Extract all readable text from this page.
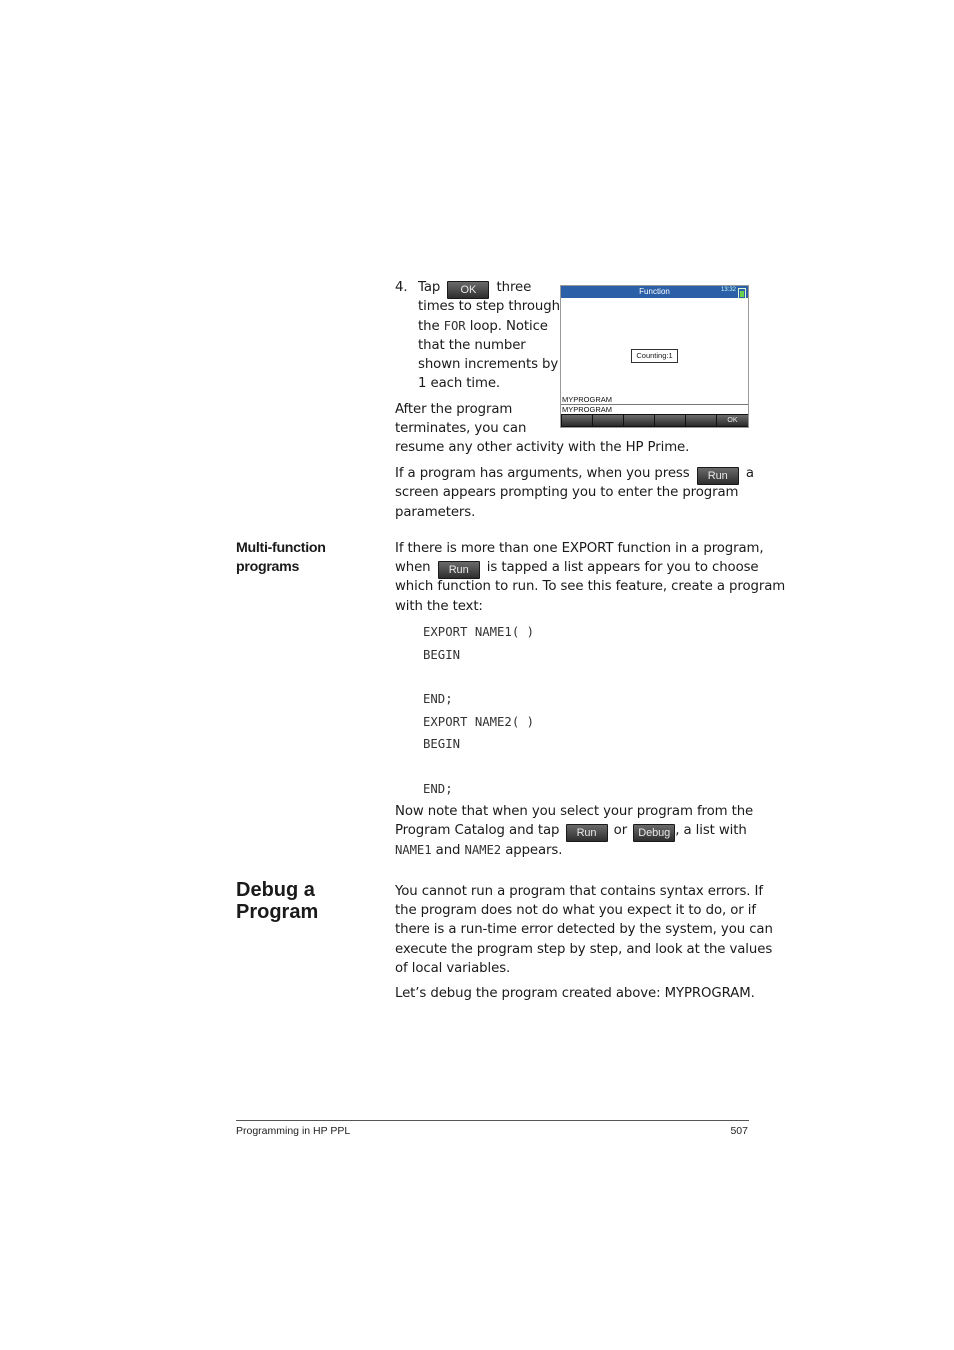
4. Tap OK three
times to step through
the FOR loop. Notice
that the number
shown increments by
1 each time.
Function	13:32
Counting:1
MYPROGRAM
MYPROGRAM
OK
After the program
terminates, you can
resume any other activity with the HP Prime.
If a program has arguments, when you press Run a
screen appears prompting you to enter the program
parameters.
Multi-function
programs
If there is more than one EXPORT function in a program,
when Run is tapped a list appears for you to choose
which function to run. To see this feature, create a program
with the text:
EXPORT NAME1( )
BEGIN
END;
EXPORT NAME2( )
BEGIN
END;
Now note that when you select your program from the
Program Catalog and tap Run or Debug , a list with
NAME1 and NAME2 appears.
Debug a
Program
You cannot run a program that contains syntax errors. If
the program does not do what you expect it to do, or if
there is a run-time error detected by the system, you can
execute the program step by step, and look at the values
of local variables.
Let’s debug the program created above: MYPROGRAM.
Programming in HP PPL	507
